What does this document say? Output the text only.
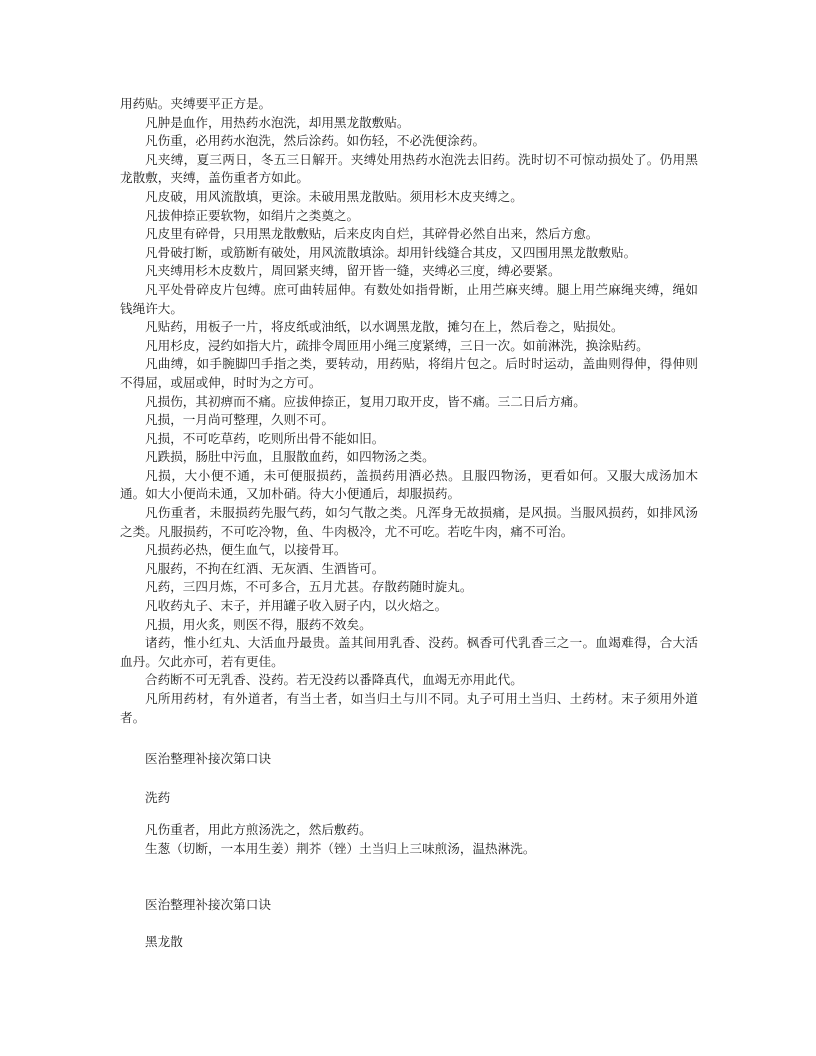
用药贴。夹缚要平正方是。

凡肿是血作，用热药水泡洗，却用黑龙散敷贴。

凡伤重，必用药水泡洗，然后涂药。如伤轻，不必洗便涂药。

凡夹缚，夏三两日，冬五三日解开。夹缚处用热药水泡洗去旧药。洗时切不可惊动损处了。仍用黑龙散敷，夹缚，盖伤重者方如此。

凡皮破，用风流散填，更涂。未破用黑龙散贴。须用杉木皮夹缚之。

凡拔伸捺正要软物，如绢片之类奠之。

凡皮里有碎骨，只用黑龙散敷贴，后来皮肉自烂，其碎骨必然自出来，然后方愈。

凡骨破打断，或筋断有破处，用风流散填涂。却用针线缝合其皮，又四围用黑龙散敷贴。

凡夹缚用杉木皮数片，周回紧夹缚，留开皆一缝，夹缚必三度，缚必要紧。

凡平处骨碎皮片包缚。庶可曲转屈伸。有数处如指骨断，止用苎麻夹缚。腿上用苎麻绳夹缚，绳如钱绳许大。

凡贴药，用板子一片，将皮纸或油纸，以水调黑龙散，摊匀在上，然后卷之，贴损处。

凡用杉皮，浸约如指大片，疏排令周匝用小绳三度紧缚，三日一次。如前淋洗，换涂贴药。

凡曲缚，如手腕脚凹手指之类，要转动，用药贴，将绢片包之。后时时运动，盖曲则得伸，得伸则不得屈，或屈或伸，时时为之方可。

凡损伤，其初痹而不痛。应拔伸捺正，复用刀取开皮，皆不痛。三二日后方痛。

凡损，一月尚可整理，久则不可。

凡损，不可吃草药，吃则所出骨不能如旧。

凡跌损，肠肚中污血，且服散血药，如四物汤之类。

凡损，大小便不通，未可便服损药，盖损药用酒必热。且服四物汤，更看如何。又服大成汤加木通。如大小便尚未通，又加朴硝。待大小便通后，却服损药。

凡伤重者，未服损药先服气药，如匀气散之类。凡浑身无故损痛，是风损。当服风损药，如排风汤之类。凡服损药，不可吃冷物，鱼、牛肉极冷，尤不可吃。若吃牛肉，痛不可治。

凡损药必热，便生血气，以接骨耳。

凡服药，不拘在红酒、无灰酒、生酒皆可。

凡药，三四月炼，不可多合，五月尤甚。存散药随时旋丸。

凡收药丸子、末子，并用罐子收入厨子内，以火焙之。

凡损，用火炙，则医不得，服药不效矣。

诸药，惟小红丸、大活血丹最贵。盖其间用乳香、没药。枫香可代乳香三之一。血竭难得，合大活血丹。欠此亦可，若有更佳。

合药断不可无乳香、没药。若无没药以番降真代，血竭无亦用此代。

凡所用药材，有外道者，有当土者，如当归土与川不同。丸子可用土当归、土药材。末子须用外道者。

医治整理补接次第口诀

洗药

凡伤重者，用此方煎汤洗之，然后敷药。

生葱（切断，一本用生姜）荆芥（锉）土当归上三味煎汤，温热淋洗。

医治整理补接次第口诀

黑龙散
